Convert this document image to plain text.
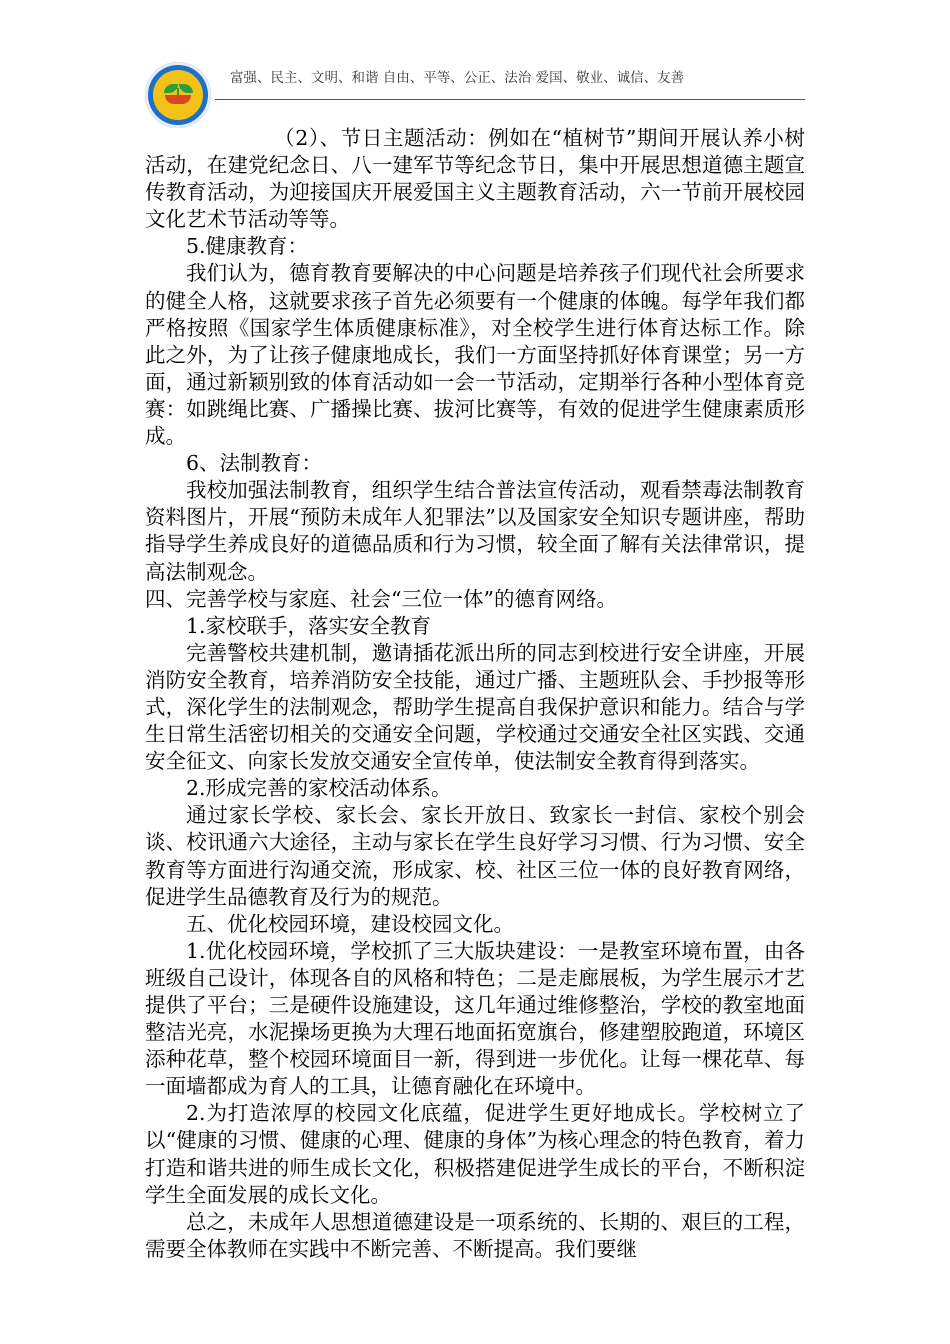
富强、民主、文明、和谐 自由、平等、公正、法治 爱国、敬业、诚信、友善

（2）、节日主题活动：例如在“植树节”期间开展认养小树活动，在建党纪念日、八一建军节等纪念节日，集中开展思想道德主题宣传教育活动，为迎接国庆开展爱国主义主题教育活动，六一节前开展校园文化艺术节活动等等。

5.健康教育：

我们认为，德育教育要解决的中心问题是培养孩子们现代社会所要求的健全人格，这就要求孩子首先必须要有一个健康的体魄。每学年我们都严格按照《国家学生体质健康标准》，对全校学生进行体育达标工作。除此之外，为了让孩子健康地成长，我们一方面坚持抓好体育课堂；另一方面，通过新颖别致的体育活动如一会一节活动，定期举行各种小型体育竞赛：如跳绳比赛、广播操比赛、拔河比赛等，有效的促进学生健康素质形成。

6、法制教育：

我校加强法制教育，组织学生结合普法宣传活动，观看禁毒法制教育资料图片，开展“预防未成年人犯罪法”以及国家安全知识专题讲座，帮助指导学生养成良好的道德品质和行为习惯，较全面了解有关法律常识，提高法制观念。

四、完善学校与家庭、社会“三位一体”的德育网络。

1.家校联手，落实安全教育

完善警校共建机制，邀请插花派出所的同志到校进行安全讲座，开展消防安全教育，培养消防安全技能，通过广播、主题班队会、手抄报等形式，深化学生的法制观念，帮助学生提高自我保护意识和能力。结合与学生日常生活密切相关的交通安全问题，学校通过交通安全社区实践、交通安全征文、向家长发放交通安全宣传单，使法制安全教育得到落实。

2.形成完善的家校活动体系。

通过家长学校、家长会、家长开放日、致家长一封信、家校个别会谈、校讯通六大途径，主动与家长在学生良好学习习惯、行为习惯、安全教育等方面进行沟通交流，形成家、校、社区三位一体的良好教育网络，促进学生品德教育及行为的规范。

五、优化校园环境，建设校园文化。

1.优化校园环境，学校抓了三大版块建设：一是教室环境布置，由各班级自己设计，体现各自的风格和特色；二是走廊展板，为学生展示才艺提供了平台；三是硬件设施建设，这几年通过维修整治，学校的教室地面整洁光亮，水泥操场更换为大理石地面拓宽旗台，修建塑胶跑道，环境区添种花草，整个校园环境面目一新，得到进一步优化。让每一棵花草、每一面墙都成为育人的工具，让德育融化在环境中。

2.为打造浓厚的校园文化底蕴，促进学生更好地成长。学校树立了以“健康的习惯、健康的心理、健康的身体”为核心理念的特色教育，着力打造和谐共进的师生成长文化，积极搭建促进学生成长的平台，不断积淀学生全面发展的成长文化。

总之，未成年人思想道德建设是一项系统的、长期的、艰巨的工程，需要全体教师在实践中不断完善、不断提高。我们要继
